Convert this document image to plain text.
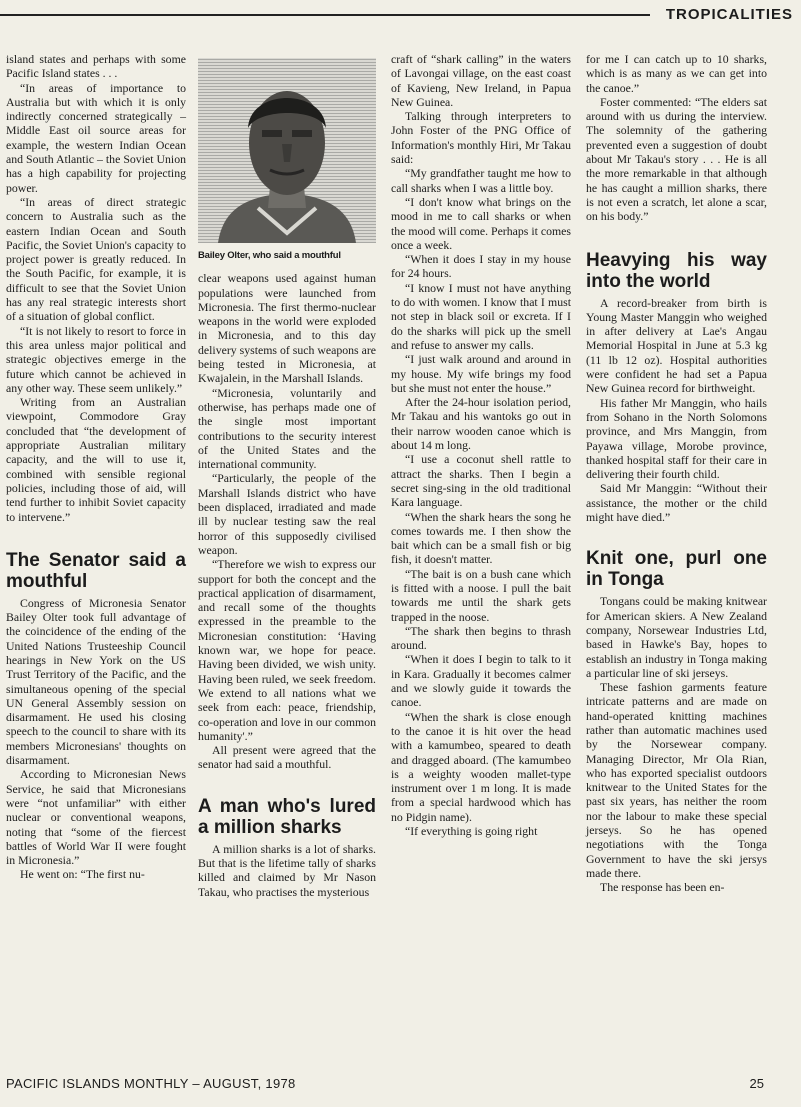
TROPICALITIES

island states and perhaps with some Pacific Island states . . .

“In areas of importance to Australia but with which it is only indirectly concerned strategically – Middle East oil source areas for example, the western Indian Ocean and South Atlantic – the Soviet Union has a high capability for projecting power.

“In areas of direct strategic concern to Australia such as the eastern Indian Ocean and South Pacific, the Soviet Union's capacity to project power is greatly reduced. In the South Pacific, for example, it is difficult to see that the Soviet Union has any real strategic interests short of a situation of global conflict.

“It is not likely to resort to force in this area unless major political and strategic objectives emerge in the future which cannot be achieved in any other way. These seem unlikely.”

Writing from an Australian viewpoint, Commodore Gray concluded that “the development of appropriate Australian military capacity, and the will to use it, combined with sensible regional policies, including those of aid, will tend further to inhibit Soviet capacity to intervene.”

The Senator said a mouthful

Congress of Micronesia Senator Bailey Olter took full advantage of the coincidence of the ending of the United Nations Trusteeship Council hearings in New York on the US Trust Territory of the Pacific, and the simultaneous opening of the special UN General Assembly session on disarmament. He used his closing speech to the council to share with its members Micronesians' thoughts on disarmament.

According to Micronesian News Service, he said that Micronesians were “not unfamiliar” with either nuclear or conventional weapons, noting that “some of the fiercest battles of World War II were fought in Micronesia.”

He went on: “The first nu-

Bailey Olter, who said a mouthful

clear weapons used against human populations were launched from Micronesia. The first thermo-nuclear weapons in the world were exploded in Micronesia, and to this day delivery systems of such weapons are being tested in Micronesia, at Kwajalein, in the Marshall Islands.

“Micronesia, voluntarily and otherwise, has perhaps made one of the single most important contributions to the security interest of the United States and the international community.

“Particularly, the people of the Marshall Islands district who have been displaced, irradiated and made ill by nuclear testing saw the real horror of this supposedly civilised weapon.

“Therefore we wish to express our support for both the concept and the practical application of disarmament, and recall some of the thoughts expressed in the preamble to the Micronesian constitution: ‘Having known war, we hope for peace. Having been divided, we wish unity. Having been ruled, we seek freedom. We extend to all nations what we seek from each: peace, friendship, co-operation and love in our common humanity'.”

All present were agreed that the senator had said a mouthful.

A man who's lured a million sharks

A million sharks is a lot of sharks. But that is the lifetime tally of sharks killed and claimed by Mr Nason Takau, who practises the mysterious

craft of “shark calling” in the waters of Lavongai village, on the east coast of Kavieng, New Ireland, in Papua New Guinea.

Talking through interpreters to John Foster of the PNG Office of Information's monthly Hiri, Mr Takau said:

“My grandfather taught me how to call sharks when I was a little boy.

“I don't know what brings on the mood in me to call sharks or when the mood will come. Perhaps it comes once a week.

“When it does I stay in my house for 24 hours.

“I know I must not have anything to do with women. I know that I must not step in black soil or excreta. If I do the sharks will pick up the smell and refuse to answer my calls.

“I just walk around and around in my house. My wife brings my food but she must not enter the house.”

After the 24-hour isolation period, Mr Takau and his wantoks go out in their narrow wooden canoe which is about 14 m long.

“I use a coconut shell rattle to attract the sharks. Then I begin a secret sing-sing in the old traditional Kara language.

“When the shark hears the song he comes towards me. I then show the bait which can be a small fish or big fish, it doesn't matter.

“The bait is on a bush cane which is fitted with a noose. I pull the bait towards me until the shark gets trapped in the noose.

“The shark then begins to thrash around.

“When it does I begin to talk to it in Kara. Gradually it becomes calmer and we slowly guide it towards the canoe.

“When the shark is close enough to the canoe it is hit over the head with a kamumbeo, speared to death and dragged aboard. (The kamumbeo is a weighty wooden mallet-type instrument over 1 m long. It is made from a special hardwood which has no Pidgin name).

“If everything is going right

for me I can catch up to 10 sharks, which is as many as we can get into the canoe.”

Foster commented: “The elders sat around with us during the interview. The solemnity of the gathering prevented even a suggestion of doubt about Mr Takau's story . . . He is all the more remarkable in that although he has caught a million sharks, there is not even a scratch, let alone a scar, on his body.”

Heavying his way into the world

A record-breaker from birth is Young Master Manggin who weighed in after delivery at Lae's Angau Memorial Hospital in June at 5.3 kg (11 lb 12 oz). Hospital authorities were confident he had set a Papua New Guinea record for birthweight.

His father Mr Manggin, who hails from Sohano in the North Solomons province, and Mrs Manggin, from Payawa village, Morobe province, thanked hospital staff for their care in delivering their fourth child.

Said Mr Manggin: “Without their assistance, the mother or the child might have died.”

Knit one, purl one in Tonga

Tongans could be making knitwear for American skiers. A New Zealand company, Norsewear Industries Ltd, based in Hawke's Bay, hopes to establish an industry in Tonga making a particular line of ski jerseys.

These fashion garments feature intricate patterns and are made on hand-operated knitting machines rather than automatic machines used by the Norsewear company. Managing Director, Mr Ola Rian, who has exported specialist outdoors knitwear to the United States for the past six years, has neither the room nor the labour to make these special jerseys. So he has opened negotiations with the Tonga Government to have the ski jersys made there.

The response has been en-

PACIFIC ISLANDS MONTHLY – AUGUST, 1978	25
